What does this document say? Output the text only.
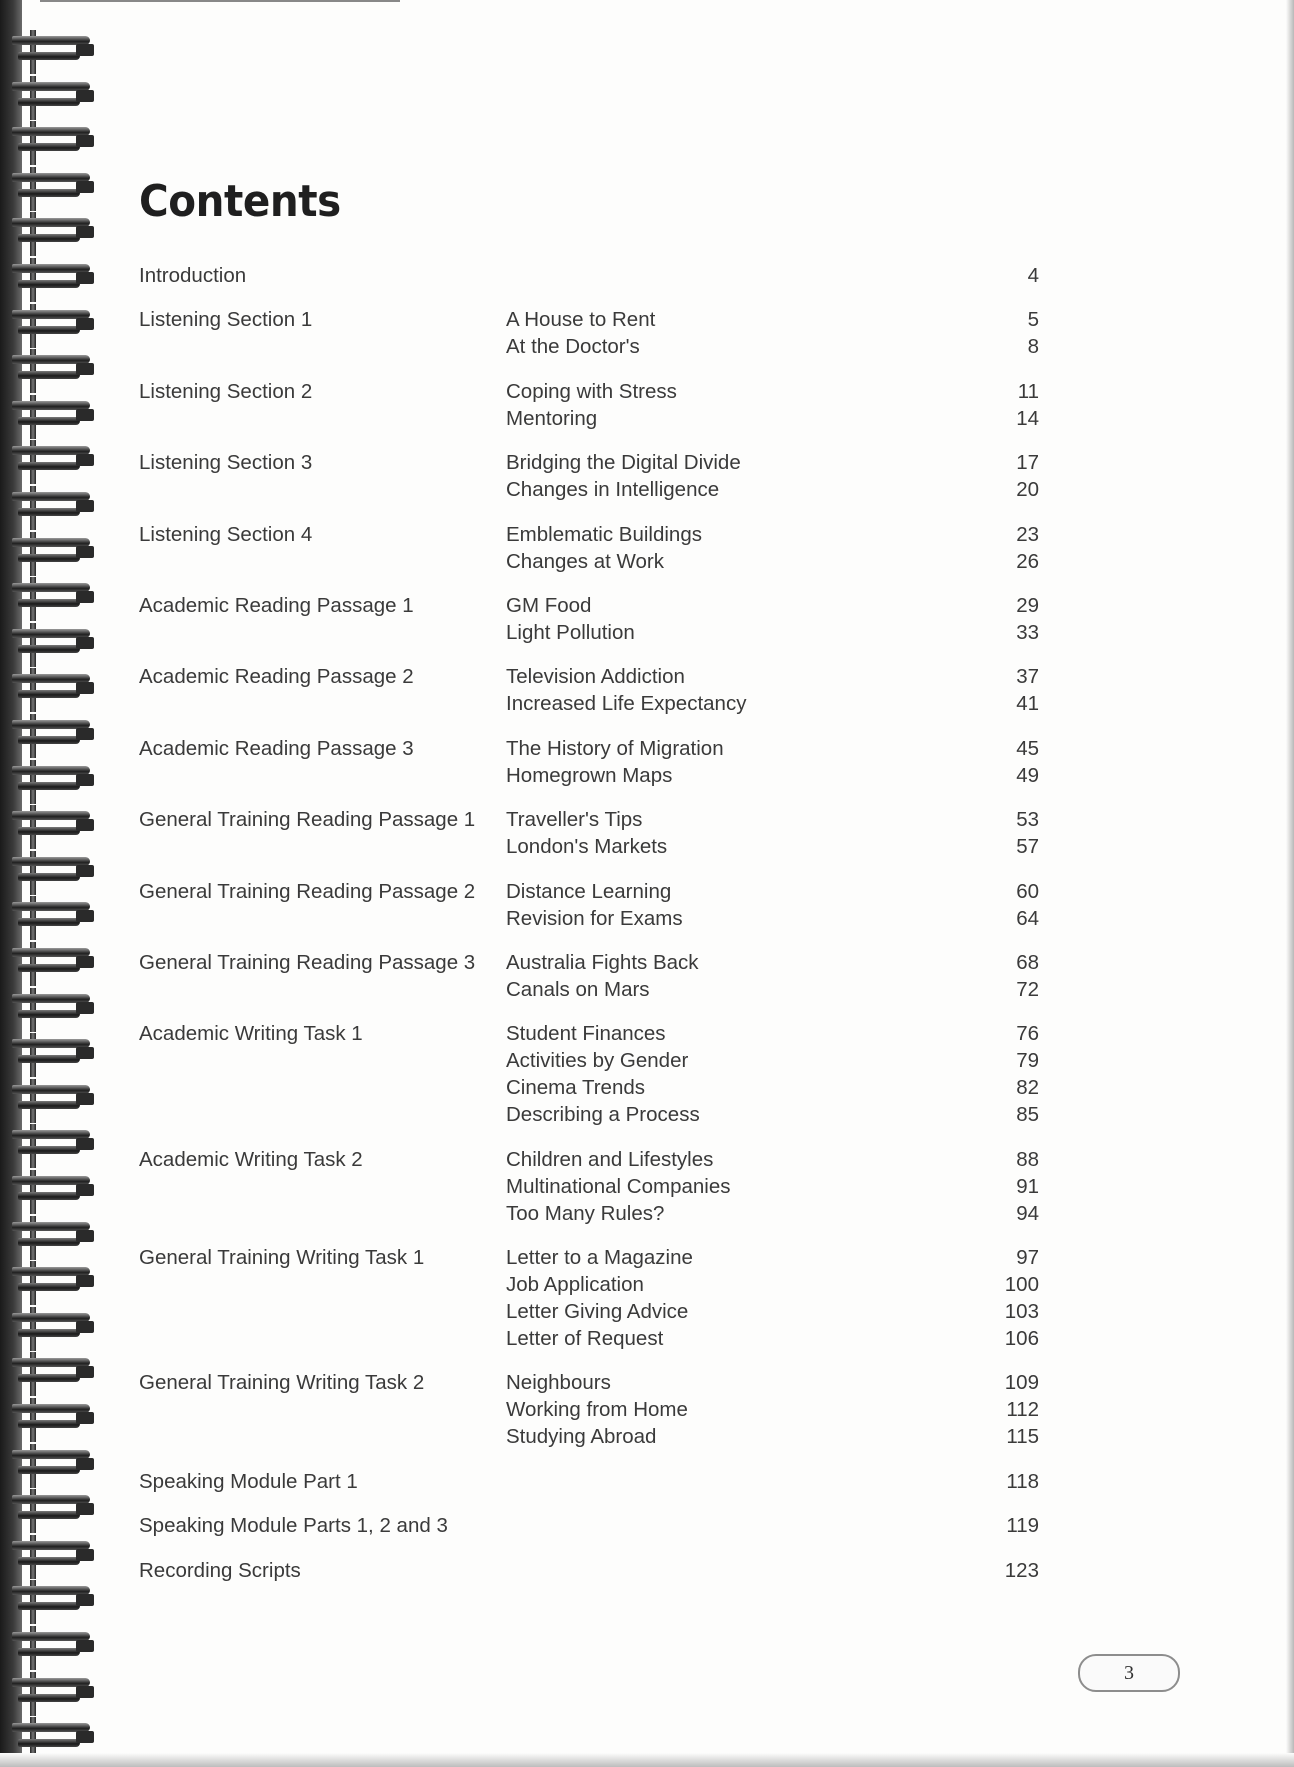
Contents
Introduction	4
Listening Section 1	A House to Rent	5
At the Doctor's	8
Listening Section 2	Coping with Stress	11
Mentoring	14
Listening Section 3	Bridging the Digital Divide	17
Changes in Intelligence	20
Listening Section 4	Emblematic Buildings	23
Changes at Work	26
Academic Reading Passage 1	GM Food	29
Light Pollution	33
Academic Reading Passage 2	Television Addiction	37
Increased Life Expectancy	41
Academic Reading Passage 3	The History of Migration	45
Homegrown Maps	49
General Training Reading Passage 1	Traveller's Tips	53
London's Markets	57
General Training Reading Passage 2	Distance Learning	60
Revision for Exams	64
General Training Reading Passage 3	Australia Fights Back	68
Canals on Mars	72
Academic Writing Task 1	Student Finances	76
Activities by Gender	79
Cinema Trends	82
Describing a Process	85
Academic Writing Task 2	Children and Lifestyles	88
Multinational Companies	91
Too Many Rules?	94
General Training Writing Task 1	Letter to a Magazine	97
Job Application	100
Letter Giving Advice	103
Letter of Request	106
General Training Writing Task 2	Neighbours	109
Working from Home	112
Studying Abroad	115
Speaking Module Part 1	118
Speaking Module Parts 1, 2 and 3	119
Recording Scripts	123
3
